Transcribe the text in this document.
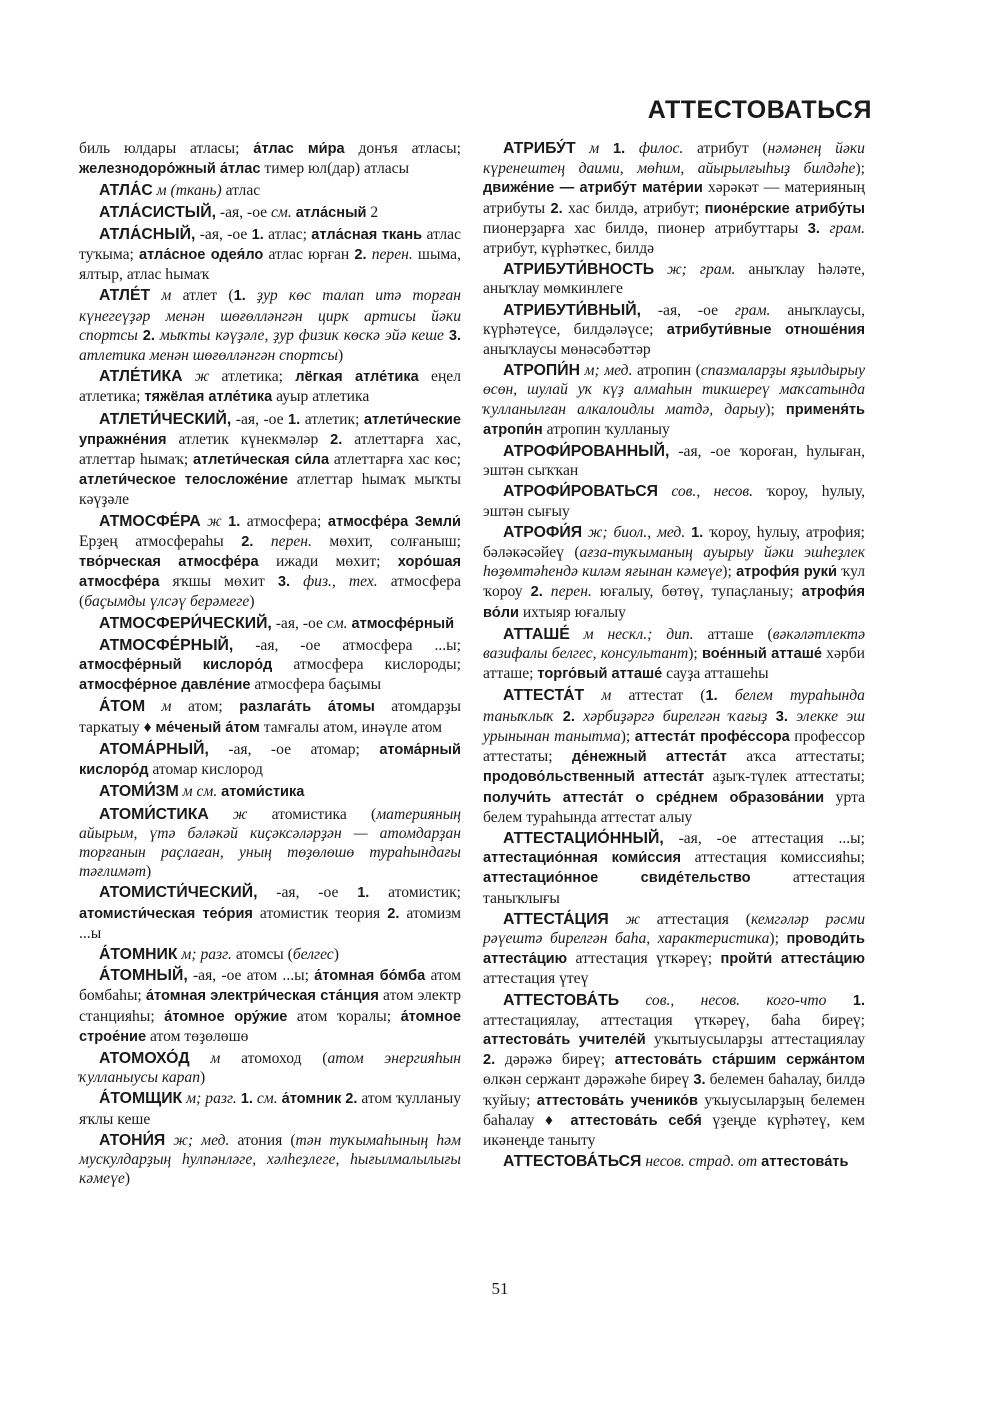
АТТЕСТОВАТЬСЯ

биль юлдары атласы; а́тлас ми́ра донъя атласы; железнодоро́жный а́тлас тимер юл(дар) атласы

АТЛА́С м (ткань) атлас

АТЛА́СИСТЫЙ, -ая, -ое см. атла́сный 2

АТЛА́СНЫЙ, -ая, -ое 1. атлас; атла́сная ткань атлас туҡыма; атла́сное одея́ло атлас юрған 2. перен. шыма, ялтыр, атлас һымаҡ

АТЛЕ́Т м атлет (1. ҙур көс талап итә торған күнегеүҙәр менән шөғөлләнгән цирк артисы йәки спортсы 2. мыҡты кәүҙәле, ҙур физик көскә эйә кеше 3. атлетика менән шөғөлләнгән спортсы)

АТЛЕ́ТИКА ж атлетика; лёгкая атле́тика еңел атлетика; тяжёлая атле́тика ауыр атлетика

АТЛЕТИ́ЧЕСКИЙ, -ая, -ое 1. атлетик; атлети́ческие упражне́ния атлетик күнекмәләр 2. атлеттарға хас, атлеттар һымаҡ; атлети́ческая си́ла атлеттарға хас көс; атлети́ческое телосложе́ние атлеттар һымаҡ мыҡты кәүҙәле

АТМОСФЕ́РА ж 1. атмосфера; атмосфе́ра Земли́ Ерҙең атмосфераһы 2. перен. мөхит, солғаныш; тво́рческая атмосфе́ра ижади мөхит; хоро́шая атмосфе́ра яҡшы мөхит 3. физ., тех. атмосфера (баҫымды үлсәү берәмеге)

АТМОСФЕРИ́ЧЕСКИЙ, -ая, -ое см. атмосфе́рный

АТМОСФЕ́РНЫЙ, -ая, -ое атмосфера ...ы; атмосфе́рный кислоро́д атмосфера кислороды; атмосфе́рное давле́ние атмосфера баҫымы

А́ТОМ м атом; разлага́ть а́томы атомдарҙы таркатыу ♦ ме́ченый а́том тамғалы атом, инәүле атом

АТОМА́РНЫЙ, -ая, -ое атомар; атома́рный кислоро́д атомар кислород

АТОМИ́ЗМ м см. атоми́стика

АТОМИ́СТИКА ж атомистика (материяның айырым, үтә бәләкәй киҫәксәләрҙән — атомдарҙан торғанын раҫлаған, уның төҙөлөшө тураһындағы тәғлимәт)

АТОМИСТИ́ЧЕСКИЙ, -ая, -ое 1. атомистик; атомисти́ческая тео́рия атомистик теория 2. атомизм ...ы

А́ТОМНИК м; разг. атомсы (белгес)

А́ТОМНЫЙ, -ая, -ое атом ...ы; а́томная бо́мба атом бомбаһы; а́томная электри́ческая ста́нция атом электр станцияһы; а́томное ору́жие атом ҡоралы; а́томное строе́ние атом төҙөлөшө

АТОМОХО́Д м атомоход (атом энергияһын ҡулланыусы карап)

А́ТОМЩИК м; разг. 1. см. а́томник 2. атом ҡулланыу яҡлы кеше

АТОНИ́Я ж; мед. атония (тән туҡымаһының һәм мускулдарҙың һулпәнләге, хәлһеҙлеге, һығылмалылығы кәмеүе)

АТРИБУ́Т м 1. филос. атрибут (нәмәнең йәки күренештең даими, мөһим, айырылғыһыҙ билдәһе); движе́ние — атрибу́т мате́рии хәрәкәт — материяның атрибуты 2. хас билдә, атрибут; пионе́рские атрибу́ты пионерҙарға хас билдә, пионер атрибуттары 3. грам. атрибут, күрһәткес, билдә

АТРИБУТИ́ВНОСТЬ ж; грам. аныҡлау һәләте, аныҡлау мөмкинлеге

АТРИБУТИ́ВНЫЙ, -ая, -ое грам. аныҡлаусы, күрһәтеүсе, билдәләүсе; атрибути́вные отноше́ния аныҡлаусы мөнәсәбәттәр

АТРОПИ́Н м; мед. атропин (спазмаларҙы яҙылдырыу өсөн, шулай уҡ күҙ алмаһын тикшереү маҡсатында ҡулланылған алкалоидлы матдә, дарыу); применя́ть атропи́н атропин ҡулланыу

АТРОФИ́РОВАННЫЙ, -ая, -ое ҡороған, һулыған, эштән сыҡҡан

АТРОФИ́РОВАТЬСЯ сов., несов. ҡороу, һулыу, эштән сығыу

АТРОФИ́Я ж; биол., мед. 1. ҡороу, һулыу, атрофия; бәләкәсәйеү (ағза-туҡыманың ауырыу йәки эшһеҙлек һөҙөмтәһендә киләм яғынан кәмеүе); атрофи́я руки́ ҡул ҡороу 2. перен. юғалыу, бөтөү, тупаҫланыу; атрофи́я во́ли ихтыяр юғалыу

АТТАШЕ́ м нескл.; дип. атташе (вәкәләтлектә вазифалы белгес, консультант); вое́нный атташе́ хәрби атташе; торго́вый атташе́ сауҙа атташеһы

АТТЕСТА́Т м аттестат (1. белем тураһында таныҡлыҡ 2. хәрбиҙәргә бирелгән ҡағыҙ 3. элекке эш урынынан танытма); аттеста́т профе́ссора профессор аттестаты; де́нежный аттеста́т аҡса аттестаты; продово́льственный аттеста́т аҙыҡ-түлек аттестаты; получи́ть аттеста́т о сре́днем образова́нии урта белем тураһында аттестат алыу

АТТЕСТАЦИО́ННЫЙ, -ая, -ое аттестация ...ы; аттестацио́нная коми́ссия аттестация комиссияһы; аттестацио́нное свиде́тельство аттестация таныҡлығы

АТТЕСТА́ЦИЯ ж аттестация (кемгәләр рәсми рәүештә бирелгән баһа, характеристика); проводи́ть аттеста́цию аттестация үткәреү; пройти́ аттеста́цию аттестация үтеү

АТТЕСТОВА́ТЬ сов., несов. кого-что 1. аттестациялау, аттестация үткәреү, баһа биреү; аттестова́ть учителе́й уҡытыусыларҙы аттестациялау 2. дәрәжә биреү; аттестова́ть ста́ршим сержа́нтом өлкән сержант дәрәжәһе биреү 3. белемен баһалау, билдә ҡуйыу; аттестова́ть ученико́в уҡыусыларҙың белемен баһалау ♦ аттестова́ть себя́ үҙеңде күрһәтеү, кем икәнеңде таныту

АТТЕСТОВА́ТЬСЯ несов. страд. от аттестова́ть

51
